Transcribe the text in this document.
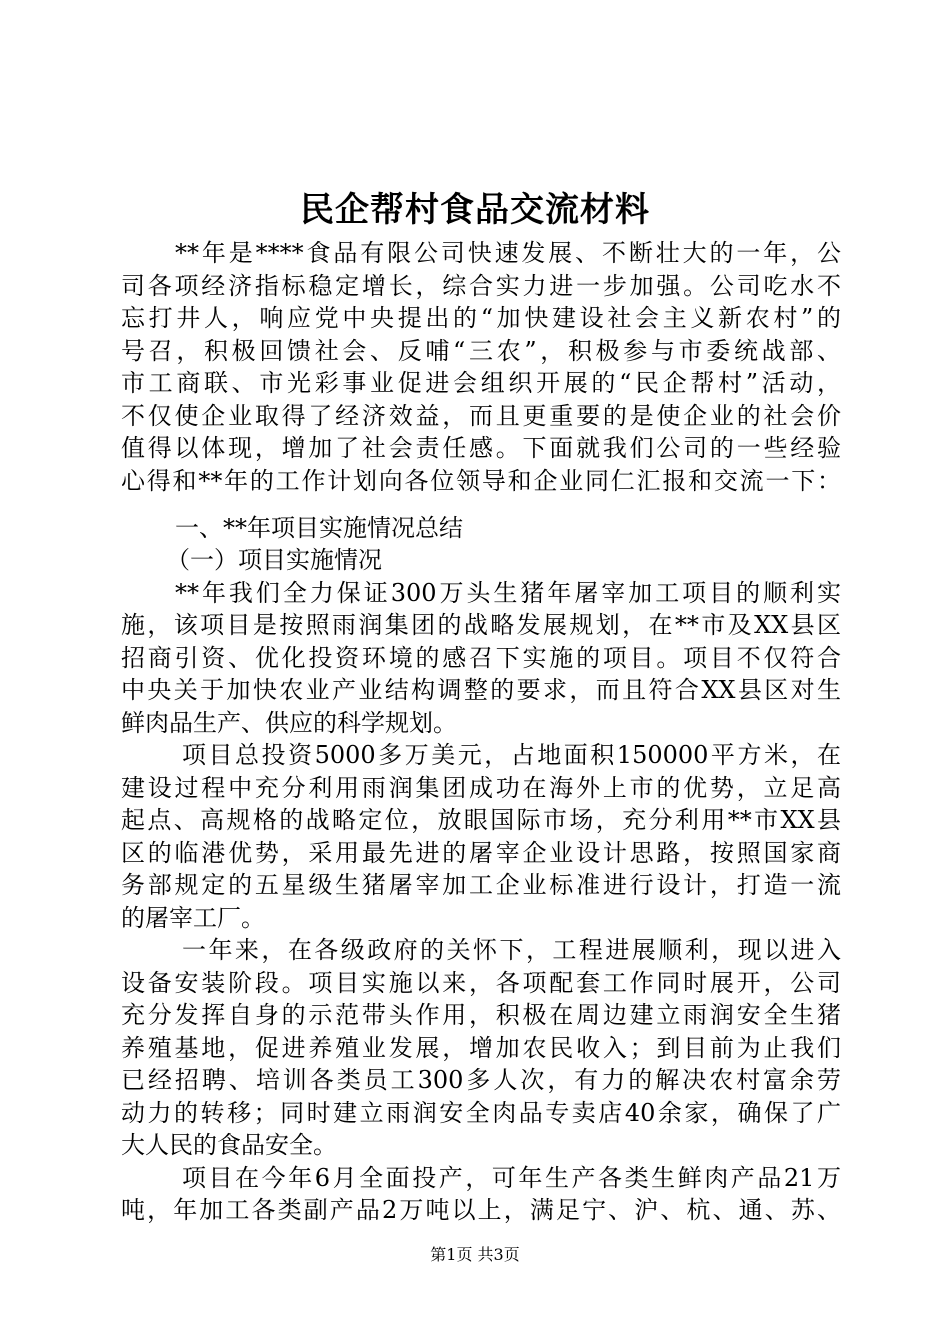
民企帮村食品交流材料
**年是****食品有限公司快速发展、不断壮大的一年，公
司各项经济指标稳定增长，综合实力进一步加强。公司吃水不
忘打井人，响应党中央提出的“加快建设社会主义新农村”的
号召，积极回馈社会、反哺“三农”，积极参与市委统战部、
市工商联、市光彩事业促进会组织开展的“民企帮村”活动，
不仅使企业取得了经济效益，而且更重要的是使企业的社会价
值得以体现，增加了社会责任感。下面就我们公司的一些经验
心得和**年的工作计划向各位领导和企业同仁汇报和交流一下：
一、**年项目实施情况总结
（一）项目实施情况
**年我们全力保证300万头生猪年屠宰加工项目的顺利实
施，该项目是按照雨润集团的战略发展规划，在**市及XX县区
招商引资、优化投资环境的感召下实施的项目。项目不仅符合
中央关于加快农业产业结构调整的要求，而且符合XX县区对生
鲜肉品生产、供应的科学规划。
项目总投资5000多万美元，占地面积150000平方米，在
建设过程中充分利用雨润集团成功在海外上市的优势，立足高
起点、高规格的战略定位，放眼国际市场，充分利用**市XX县
区的临港优势，采用最先进的屠宰企业设计思路，按照国家商
务部规定的五星级生猪屠宰加工企业标准进行设计，打造一流
的屠宰工厂。
一年来，在各级政府的关怀下，工程进展顺利，现以进入
设备安装阶段。项目实施以来，各项配套工作同时展开，公司
充分发挥自身的示范带头作用，积极在周边建立雨润安全生猪
养殖基地，促进养殖业发展，增加农民收入；到目前为止我们
已经招聘、培训各类员工300多人次，有力的解决农村富余劳
动力的转移；同时建立雨润安全肉品专卖店40余家，确保了广
大人民的食品安全。
项目在今年6月全面投产，可年生产各类生鲜肉产品21万
吨，年加工各类副产品2万吨以上，满足宁、沪、杭、通、苏、
第1页 共3页
